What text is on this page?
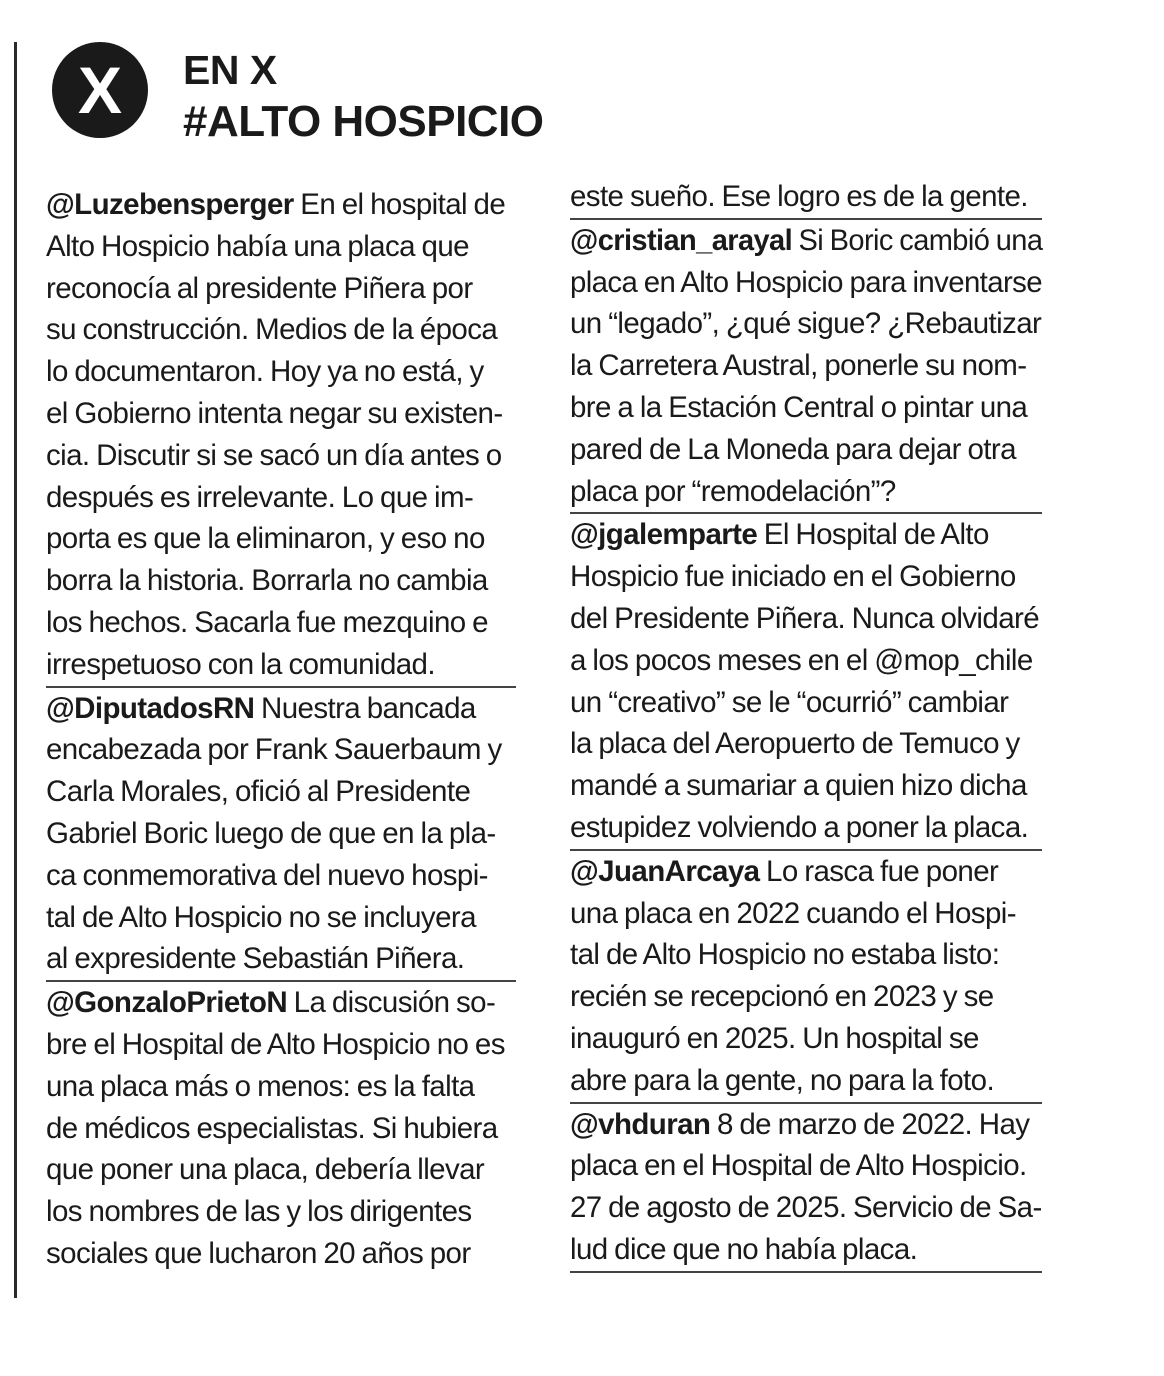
X EN X
#ALTO HOSPICIO
@Luzebensperger En el hospital de
Alto Hospicio había una placa que
reconocía al presidente Piñera por
su construcción. Medios de la época
lo documentaron. Hoy ya no está, y
el Gobierno intenta negar su existen-
cia. Discutir si se sacó un día antes o
después es irrelevante. Lo que im-
porta es que la eliminaron, y eso no
borra la historia. Borrarla no cambia
los hechos. Sacarla fue mezquino e
irrespetuoso con la comunidad.
@DiputadosRN Nuestra bancada
encabezada por Frank Sauerbaum y
Carla Morales, ofició al Presidente
Gabriel Boric luego de que en la pla-
ca conmemorativa del nuevo hospi-
tal de Alto Hospicio no se incluyera
al expresidente Sebastián Piñera.
@GonzaloPrietoN La discusión so-
bre el Hospital de Alto Hospicio no es
una placa más o menos: es la falta
de médicos especialistas. Si hubiera
que poner una placa, debería llevar
los nombres de las y los dirigentes
sociales que lucharon 20 años por
este sueño. Ese logro es de la gente.
@cristian_arayal Si Boric cambió una
placa en Alto Hospicio para inventarse
un “legado”, ¿qué sigue? ¿Rebautizar
la Carretera Austral, ponerle su nom-
bre a la Estación Central o pintar una
pared de La Moneda para dejar otra
placa por “remodelación”?
@jgalemparte El Hospital de Alto
Hospicio fue iniciado en el Gobierno
del Presidente Piñera. Nunca olvidaré
a los pocos meses en el @mop_chile
un “creativo” se le “ocurrió” cambiar
la placa del Aeropuerto de Temuco y
mandé a sumariar a quien hizo dicha
estupidez volviendo a poner la placa.
@JuanArcaya Lo rasca fue poner
una placa en 2022 cuando el Hospi-
tal de Alto Hospicio no estaba listo:
recién se recepcionó en 2023 y se
inauguró en 2025. Un hospital se
abre para la gente, no para la foto.
@vhduran 8 de marzo de 2022. Hay
placa en el Hospital de Alto Hospicio.
27 de agosto de 2025. Servicio de Sa-
lud dice que no había placa.
